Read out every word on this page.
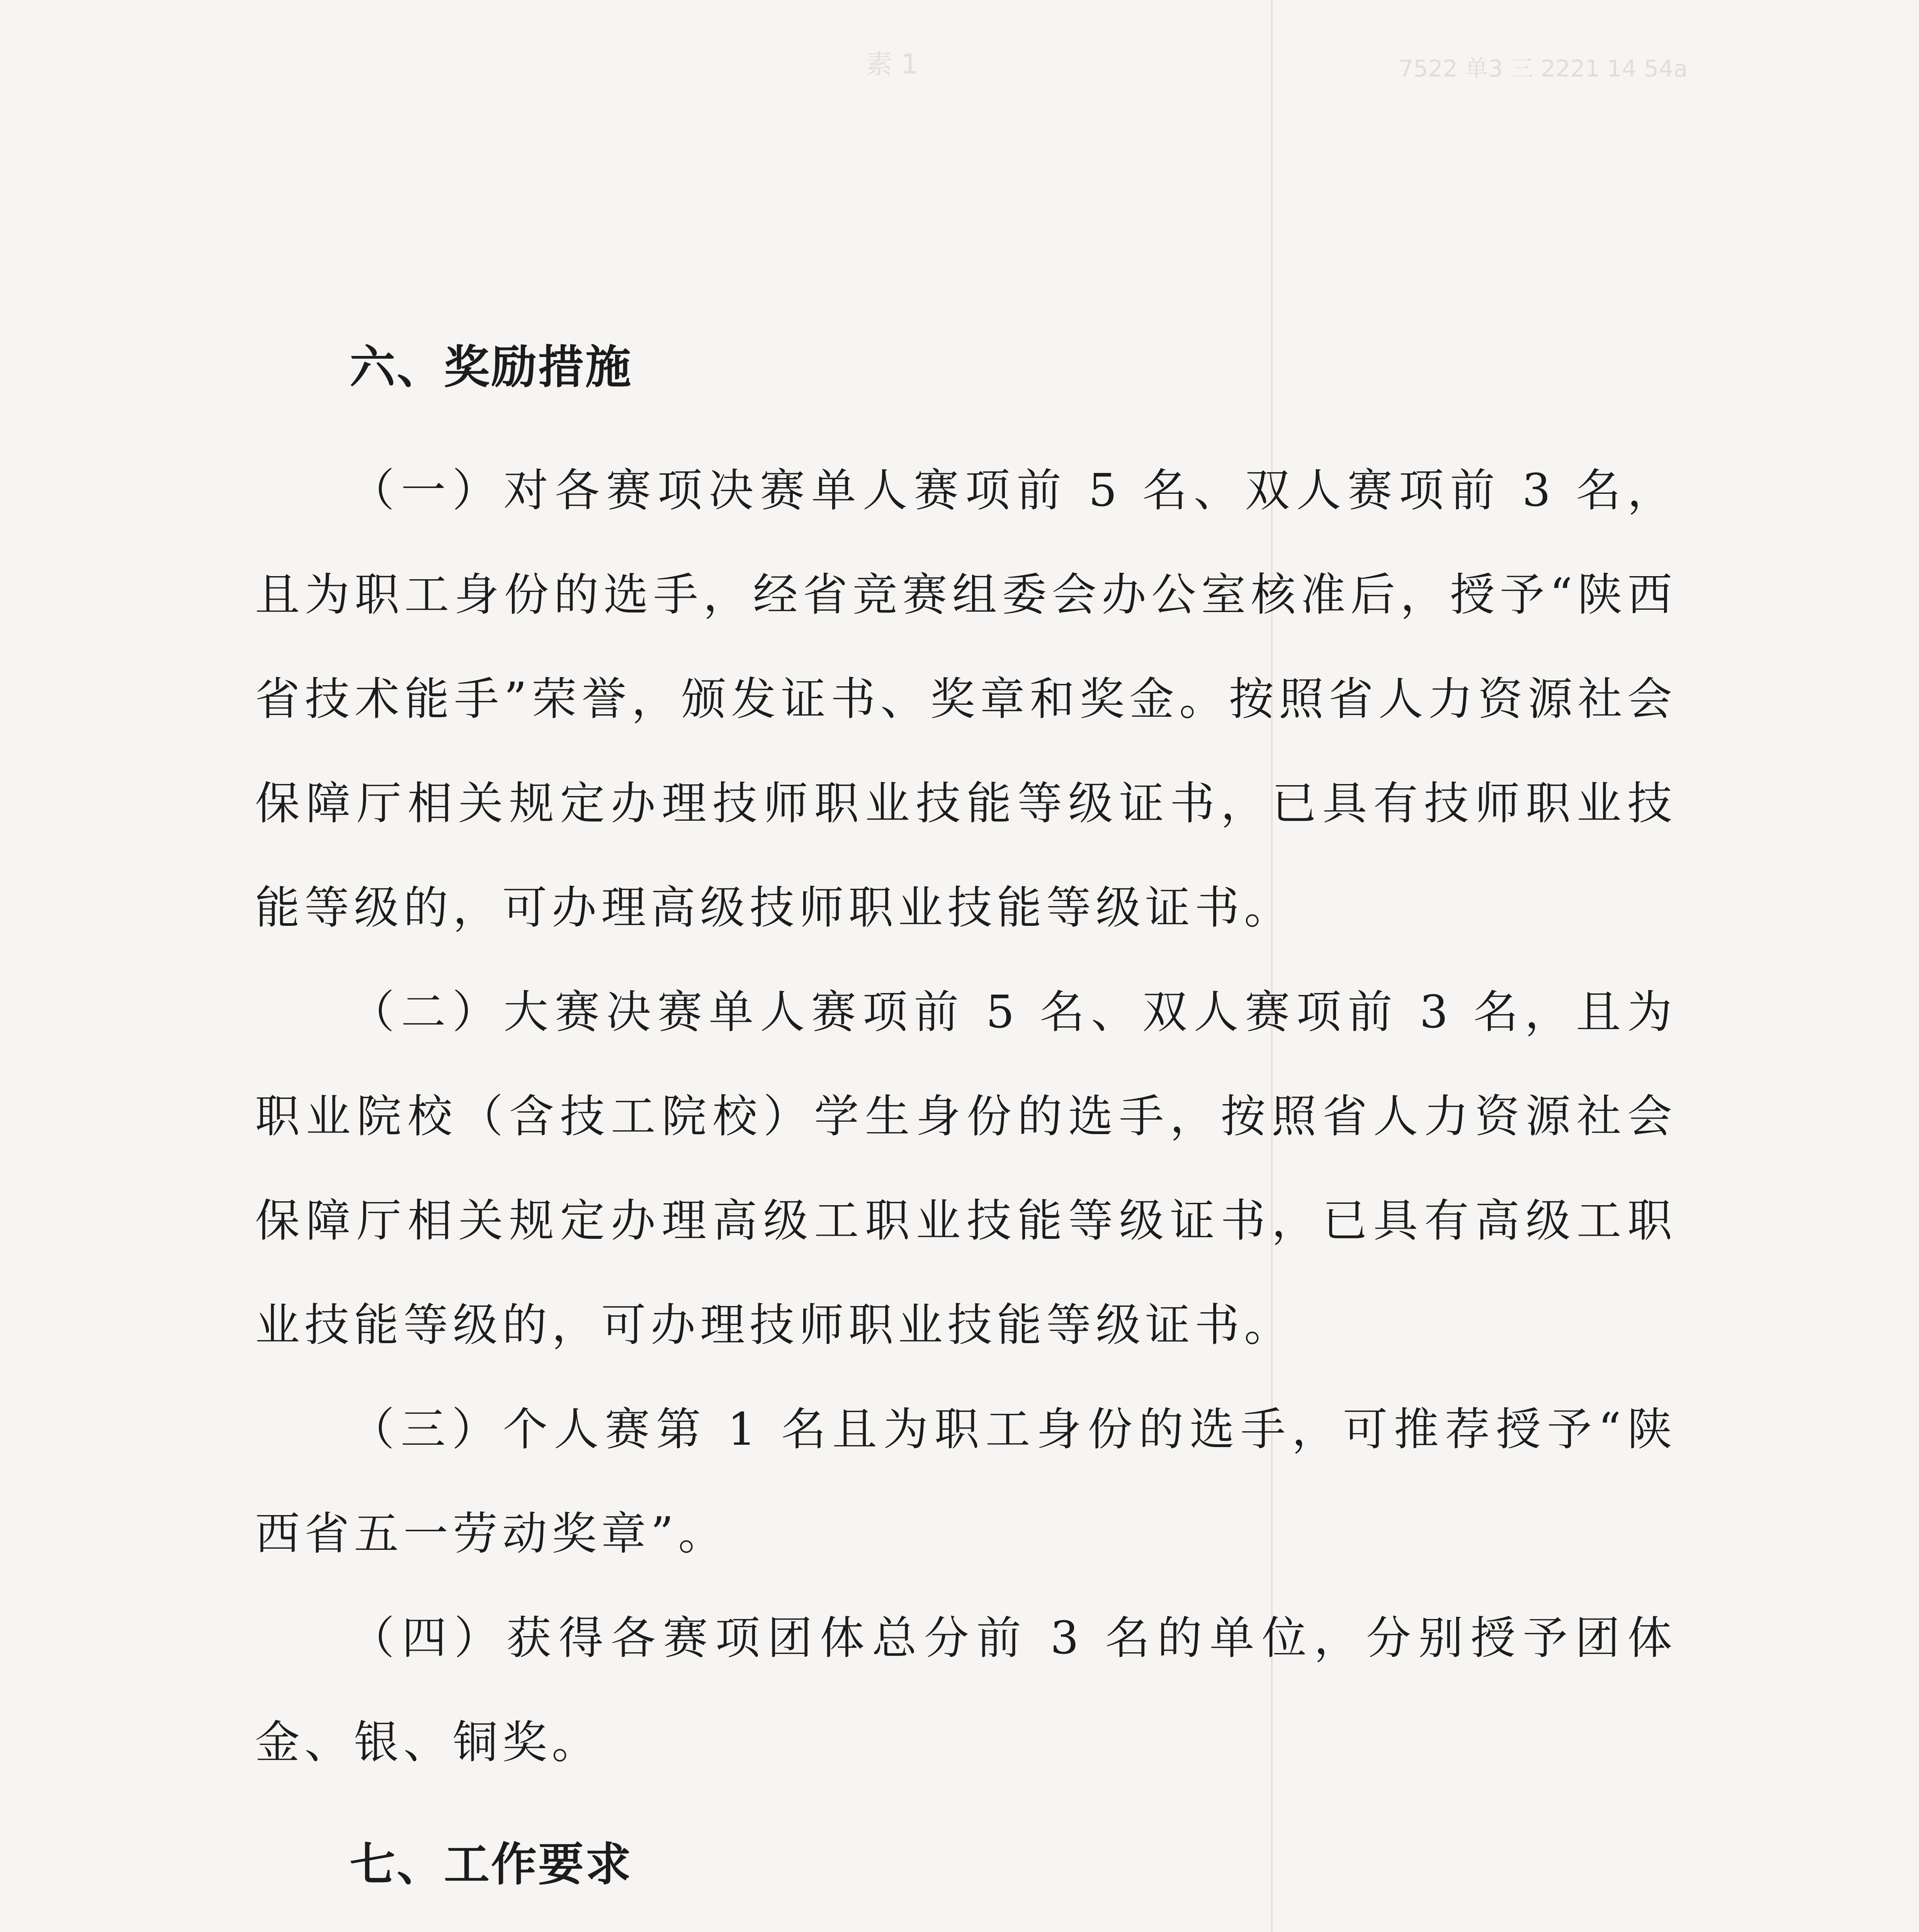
7522 单3 三 2221 14 54a
素 1
六、奖励措施

（一）对各赛项决赛单人赛项前 5 名、双人赛项前 3 名，且为职工身份的选手，经省竞赛组委会办公室核准后，授予“陕西省技术能手”荣誉，颁发证书、奖章和奖金。按照省人力资源社会保障厅相关规定办理技师职业技能等级证书，已具有技师职业技能等级的，可办理高级技师职业技能等级证书。

（二）大赛决赛单人赛项前 5 名、双人赛项前 3 名，且为职业院校（含技工院校）学生身份的选手，按照省人力资源社会保障厅相关规定办理高级工职业技能等级证书，已具有高级工职业技能等级的，可办理技师职业技能等级证书。

（三）个人赛第 1 名且为职工身份的选手，可推荐授予“陕西省五一劳动奖章”。

（四）获得各赛项团体总分前 3 名的单位，分别授予团体金、银、铜奖。

七、工作要求
